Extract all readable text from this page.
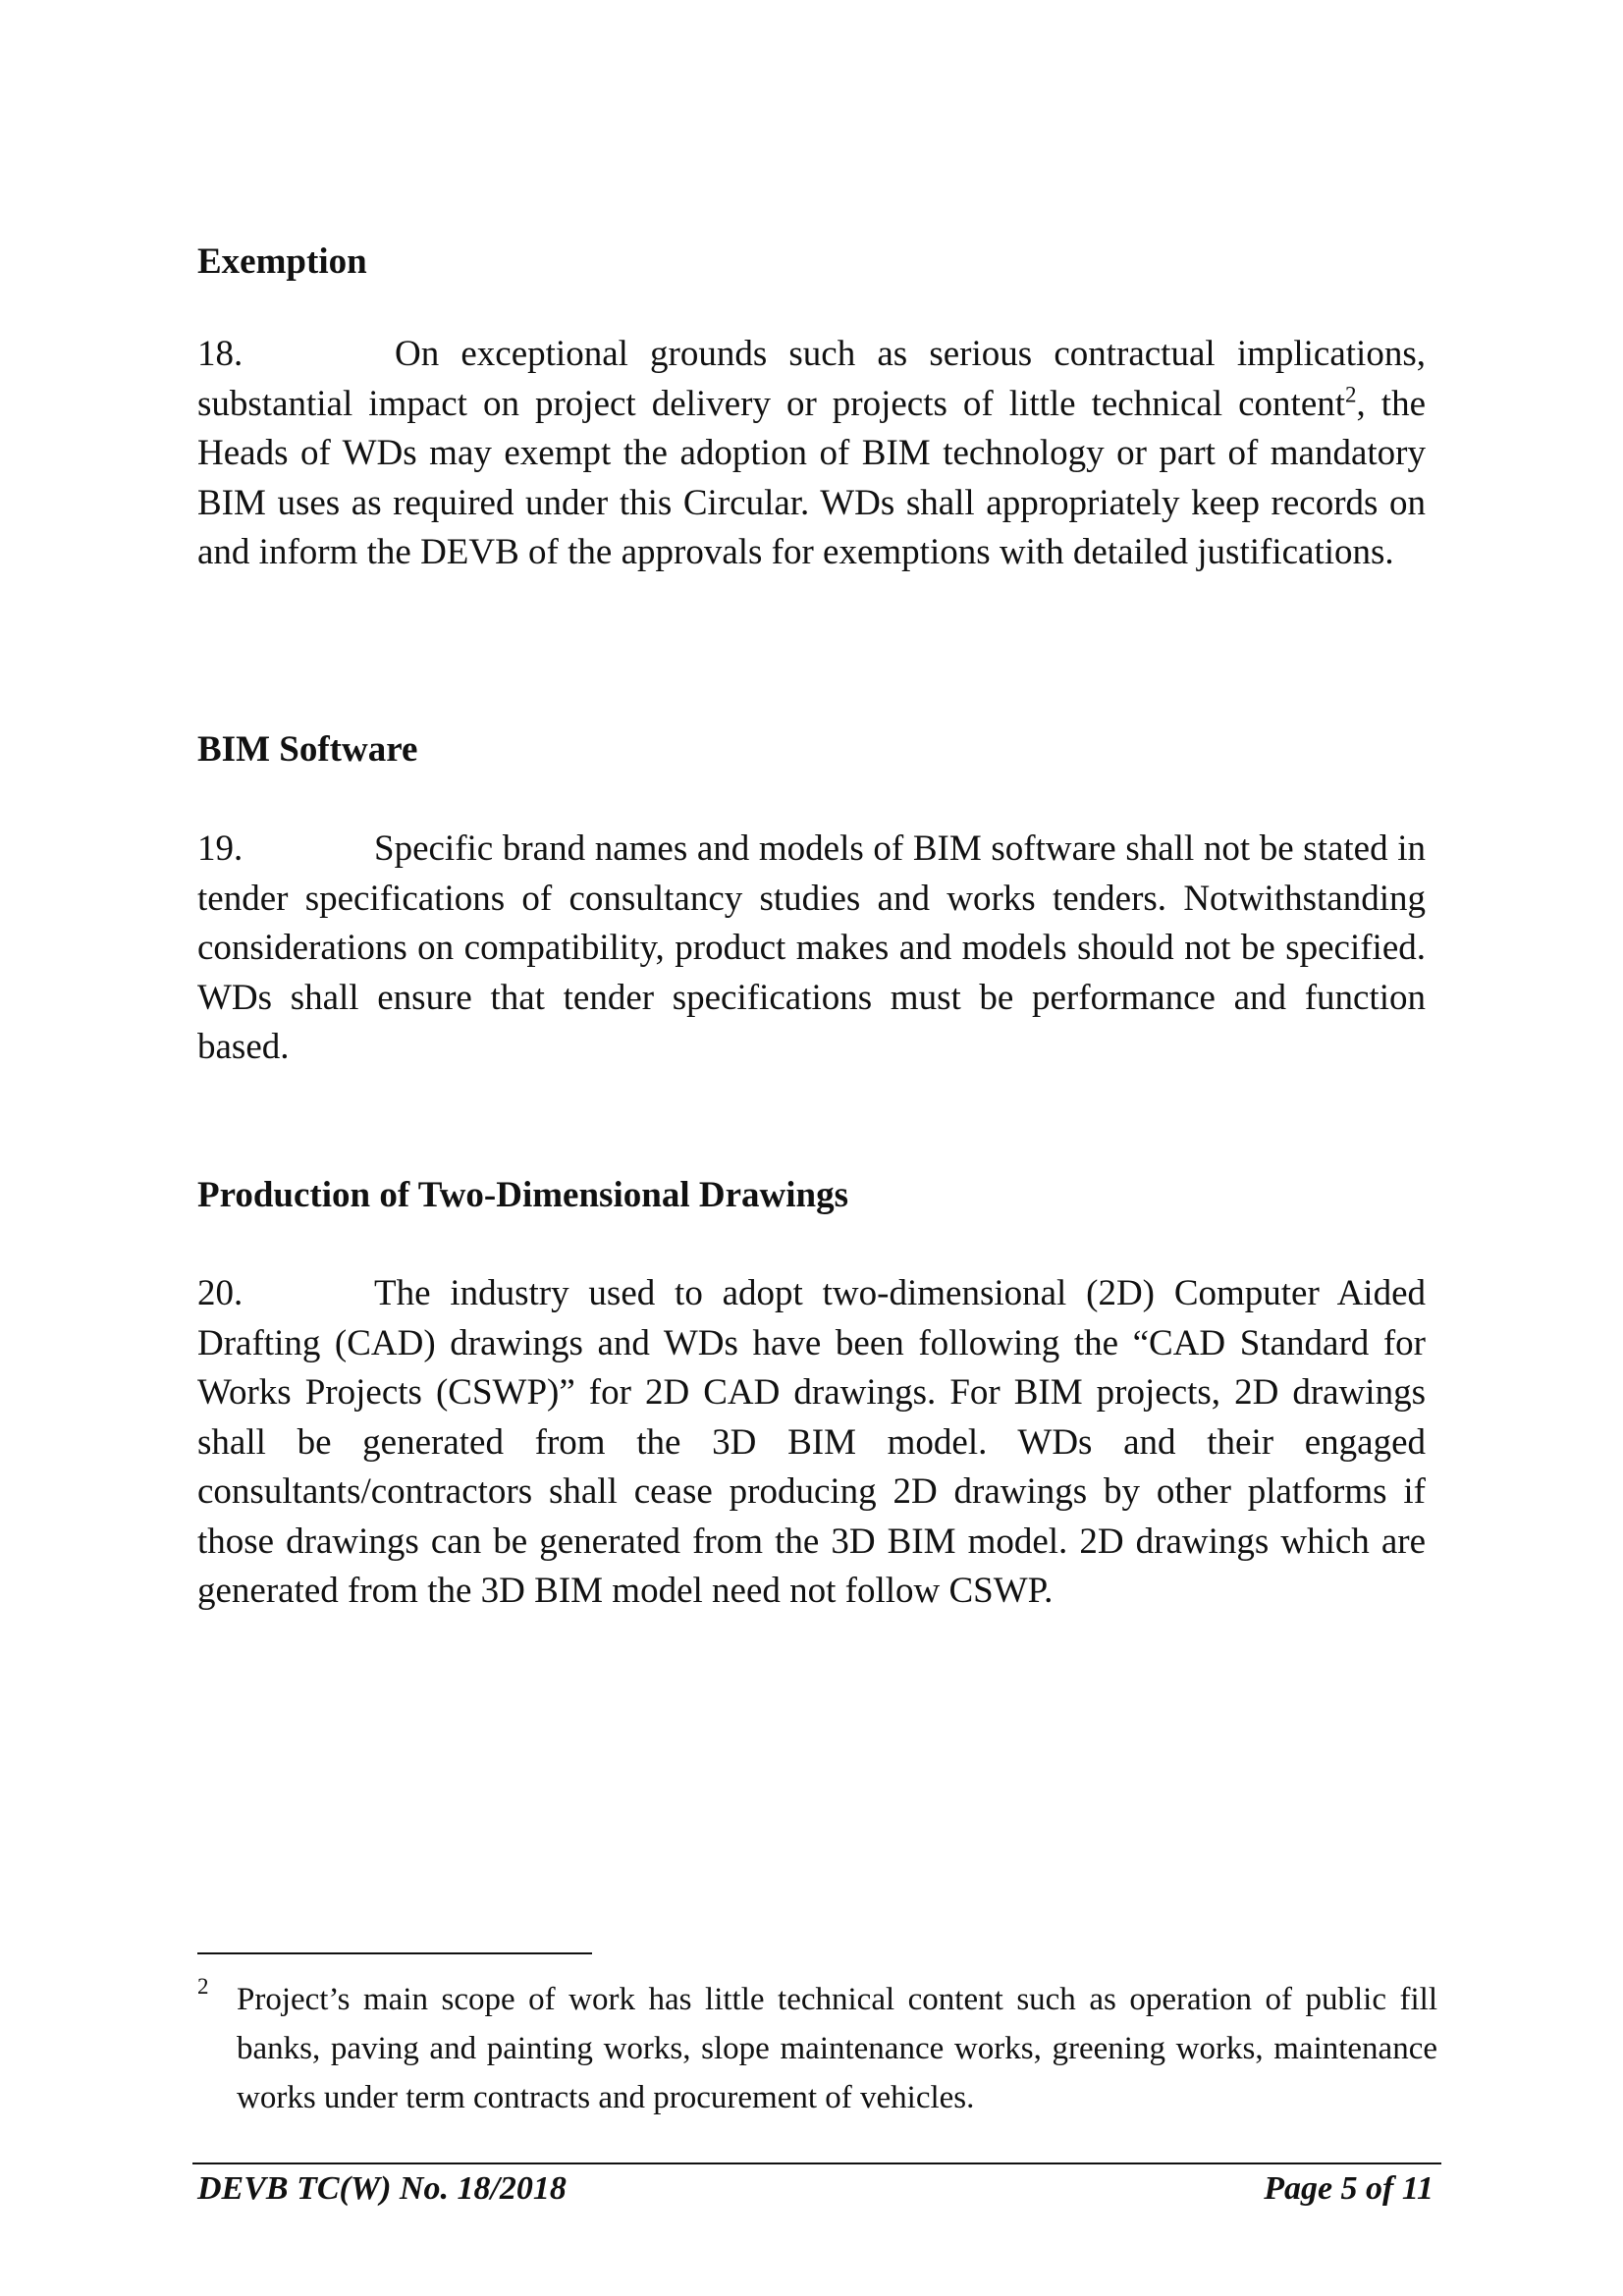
Exemption

18.	On exceptional grounds such as serious contractual implications, substantial impact on project delivery or projects of little technical content$^2$, the Heads of WDs may exempt the adoption of BIM technology or part of mandatory BIM uses as required under this Circular. WDs shall appropriately keep records on and inform the DEVB of the approvals for exemptions with detailed justifications.

BIM Software

19.	Specific brand names and models of BIM software shall not be stated in tender specifications of consultancy studies and works tenders. Notwithstanding considerations on compatibility, product makes and models should not be specified. WDs shall ensure that tender specifications must be performance and function based.

Production of Two-Dimensional Drawings

20.	The industry used to adopt two-dimensional (2D) Computer Aided Drafting (CAD) drawings and WDs have been following the “CAD Standard for Works Projects (CSWP)” for 2D CAD drawings. For BIM projects, 2D drawings shall be generated from the 3D BIM model. WDs and their engaged consultants/contractors shall cease producing 2D drawings by other platforms if those drawings can be generated from the 3D BIM model. 2D drawings which are generated from the 3D BIM model need not follow CSWP.

2 Project’s main scope of work has little technical content such as operation of public fill banks, paving and painting works, slope maintenance works, greening works, maintenance works under term contracts and procurement of vehicles.

DEVB TC(W) No. 18/2018	Page 5 of 11
